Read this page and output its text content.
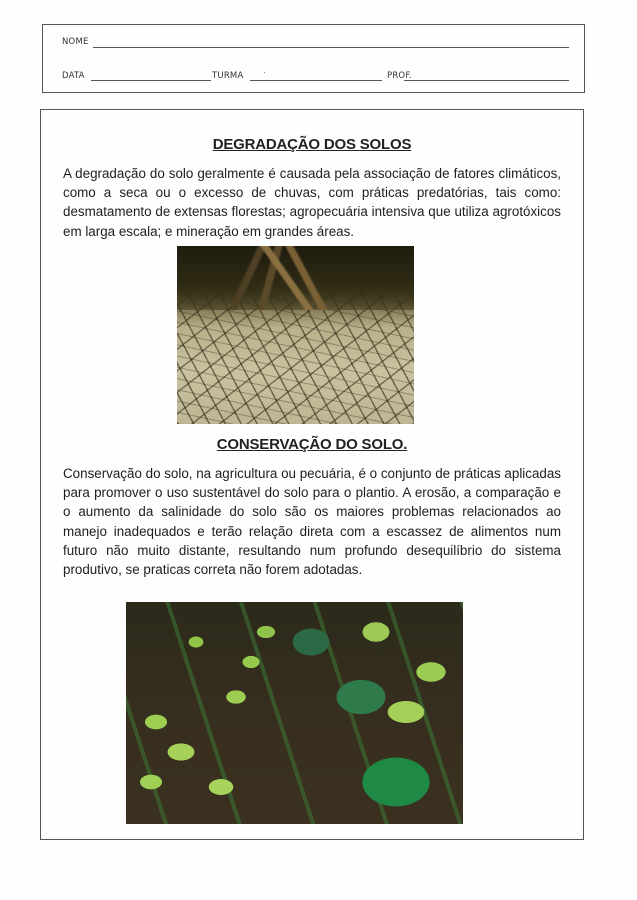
NOME
DATA	TURMA ·	PROF.
DEGRADAÇÃO DOS SOLOS

A degradação do solo geralmente é causada pela associação de fatores climáticos, como a seca ou o excesso de chuvas, com práticas predatórias, tais como: desmatamento de extensas florestas; agropecuária intensiva que utiliza agrotóxicos em larga escala; e mineração em grandes áreas.

CONSERVAÇÃO DO SOLO.

Conservação do solo, na agricultura ou pecuária, é o conjunto de práticas aplicadas para promover o uso sustentável do solo para o plantio. A erosão, a comparação e o aumento da salinidade do solo são os maiores problemas relacionados ao manejo inadequados e terão relação direta com a escassez de alimentos num futuro não muito distante, resultando num profundo desequilíbrio do sistema produtivo, se praticas correta não forem adotadas.
